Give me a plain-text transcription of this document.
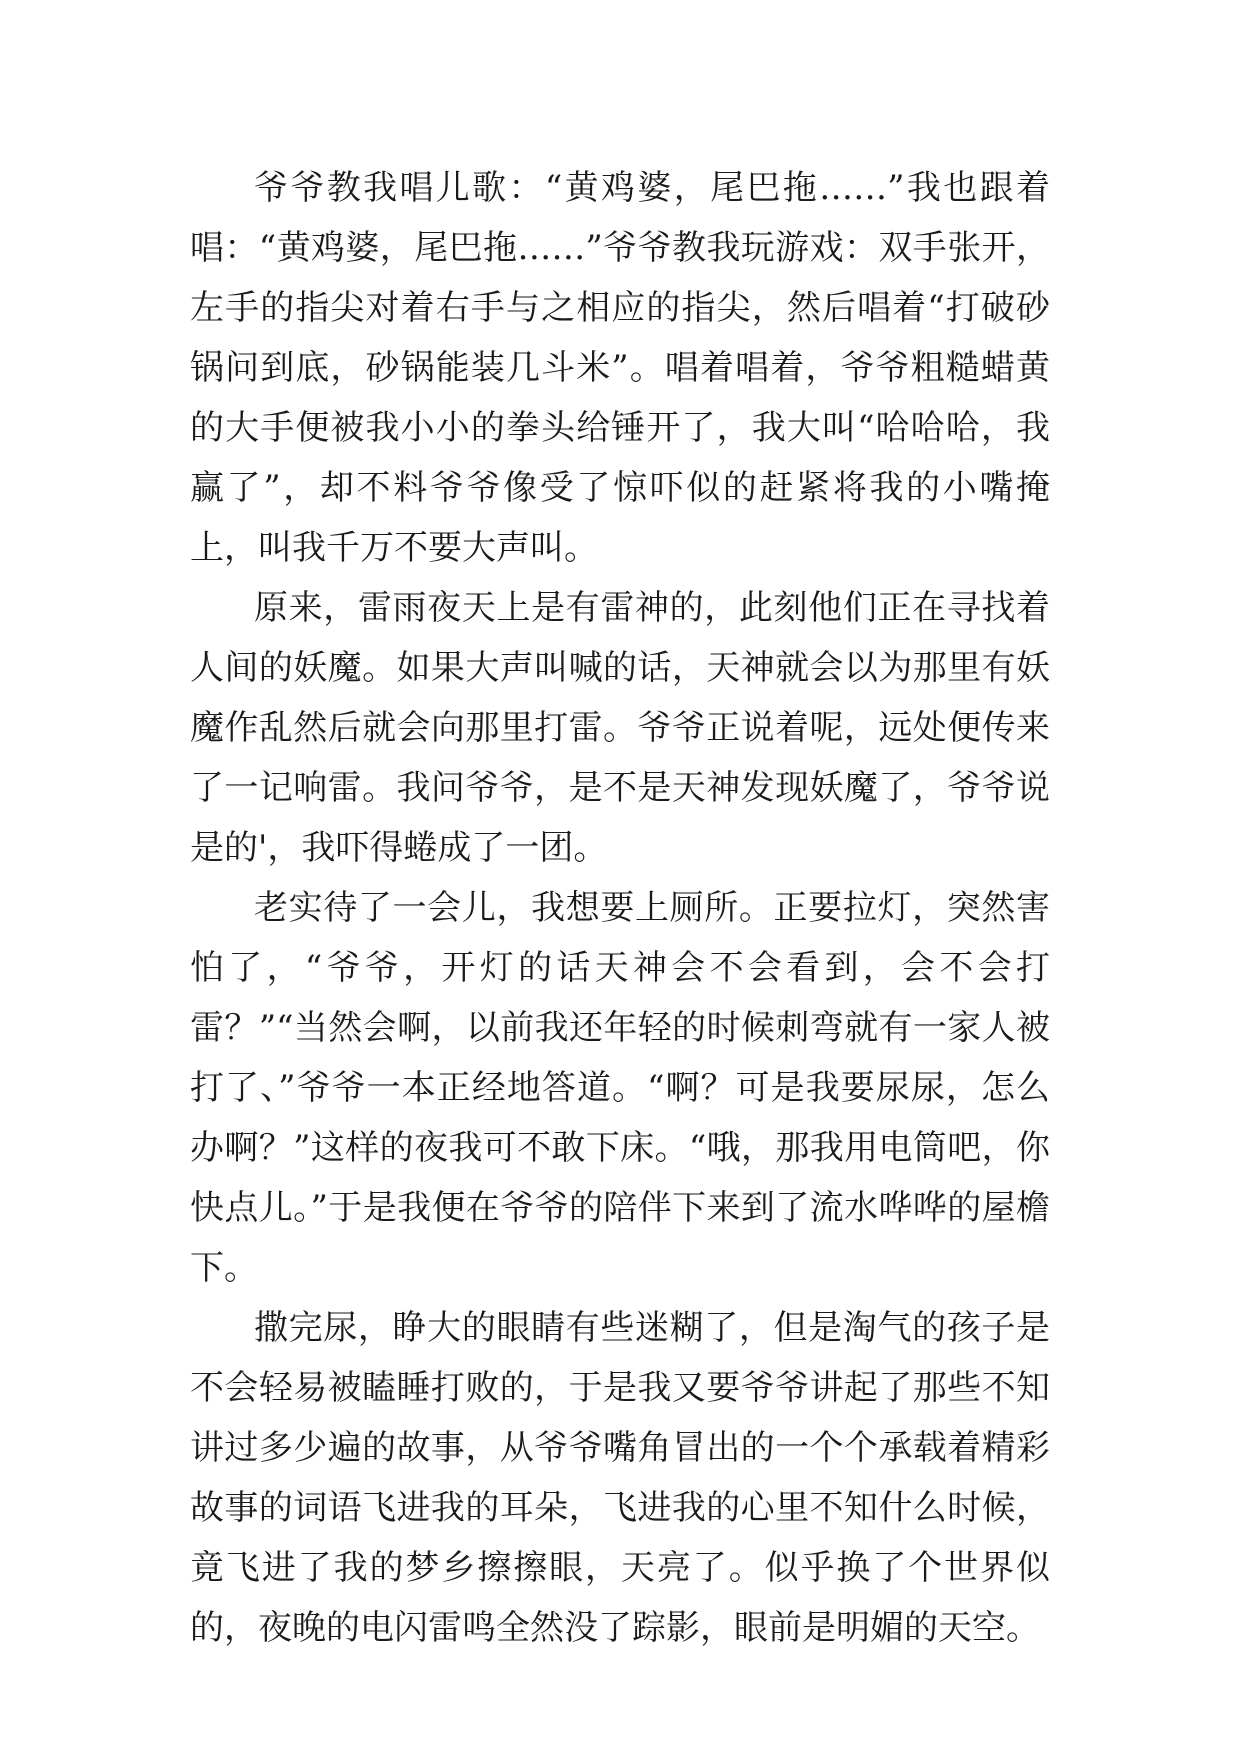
爷爷教我唱儿歌：“黄鸡婆，尾巴拖……”我也跟着唱：“黄鸡婆，尾巴拖……”爷爷教我玩游戏：双手张开，左手的指尖对着右手与之相应的指尖，然后唱着“打破砂锅问到底，砂锅能装几斗米”。唱着唱着，爷爷粗糙蜡黄的大手便被我小小的拳头给锤开了，我大叫“哈哈哈，我赢了”，却不料爷爷像受了惊吓似的赶紧将我的小嘴掩上，叫我千万不要大声叫。

原来，雷雨夜天上是有雷神的，此刻他们正在寻找着人间的妖魔。如果大声叫喊的话，天神就会以为那里有妖魔作乱然后就会向那里打雷。爷爷正说着呢，远处便传来了一记响雷。我问爷爷，是不是天神发现妖魔了，爷爷说是的'，我吓得蜷成了一团。

老实待了一会儿，我想要上厕所。正要拉灯，突然害怕了，“爷爷，开灯的话天神会不会看到，会不会打雷？”“当然会啊，以前我还年轻的时候刺弯就有一家人被打了、”爷爷一本正经地答道。“啊？可是我要尿尿，怎么办啊？”这样的夜我可不敢下床。“哦，那我用电筒吧，你快点儿。”于是我便在爷爷的陪伴下来到了流水哗哗的屋檐下。

撒完尿，睁大的眼睛有些迷糊了，但是淘气的孩子是不会轻易被瞌睡打败的，于是我又要爷爷讲起了那些不知讲过多少遍的故事，从爷爷嘴角冒出的一个个承载着精彩故事的词语飞进我的耳朵，飞进我的心里不知什么时候，竟飞进了我的梦乡擦擦眼，天亮了。似乎换了个世界似的，夜晚的电闪雷鸣全然没了踪影，眼前是明媚的天空。
